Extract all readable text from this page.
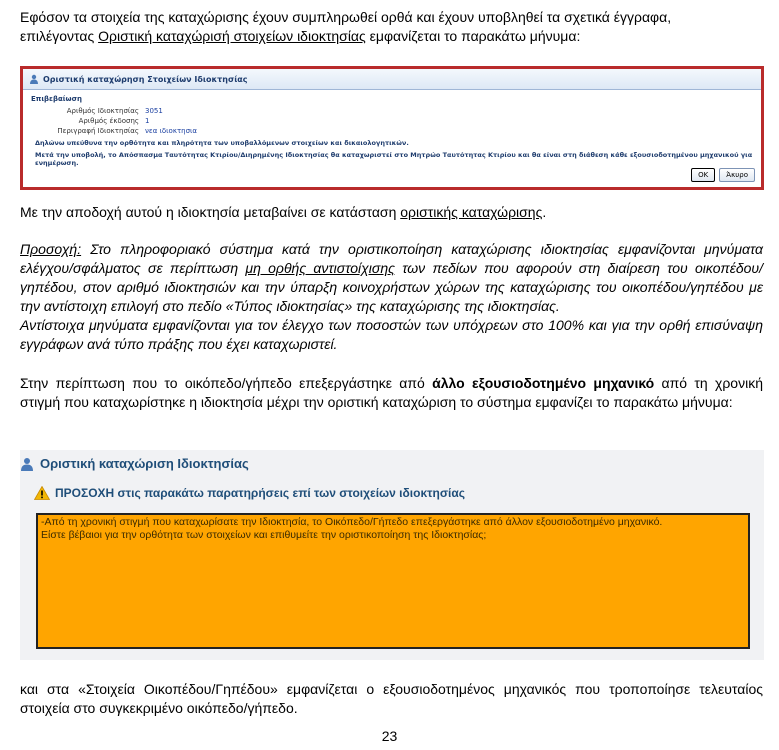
Εφόσον τα στοιχεία της καταχώρισης έχουν συμπληρωθεί ορθά και έχουν υποβληθεί τα σχετικά έγγραφα,

επιλέγοντας Οριστική καταχώρισή στοιχείων ιδιοκτησίας εμφανίζεται το παρακάτω μήνυμα:

Οριστική καταχώρηση Στοιχείων Ιδιοκτησίας
Επιβεβαίωση
Αριθμός Ιδιοκτησίας 3051
Αριθμός έκδοσης 1
Περιγραφή Ιδιοκτησίας νεα ιδιοκτησια
Δηλώνω υπεύθυνα την ορθότητα και πληρότητα των υποβαλλόμενων στοιχείων και δικαιολογητικών.
Μετά την υποβολή, το Απόσπασμα Ταυτότητας Κτιρίου/Διηρημένης Ιδιοκτησίας θα καταχωριστεί στο Μητρώο Ταυτότητας Κτιρίου και θα είναι στη διάθεση κάθε εξουσιοδοτημένου μηχανικού για ενημέρωση.
OK	Άκυρο

Με την αποδοχή αυτού η ιδιοκτησία μεταβαίνει σε κατάσταση οριστικής καταχώρισης.

Προσοχή: Στο πληροφοριακό σύστημα κατά την οριστικοποίηση καταχώρισης ιδιοκτησίας εμφανίζονται μηνύματα ελέγχου/σφάλματος σε περίπτωση μη ορθής αντιστοίχισης των πεδίων που αφορούν στη διαίρεση του οικοπέδου/γηπέδου, στον αριθμό ιδιοκτησιών και την ύπαρξη κοινοχρήστων χώρων της καταχώρισης του οικοπέδου/γηπέδου με την αντίστοιχη επιλογή στο πεδίο «Τύπος ιδιοκτησίας» της καταχώρισης της ιδιοκτησίας.

Αντίστοιχα μηνύματα εμφανίζονται για τον έλεγχο των ποσοστών των υπόχρεων στο 100% και για την ορθή επισύναψη εγγράφων ανά τύπο πράξης που έχει καταχωριστεί.

Στην περίπτωση που το οικόπεδο/γήπεδο επεξεργάστηκε από άλλο εξουσιοδοτημένο μηχανικό από τη χρονική στιγμή που καταχωρίστηκε η ιδιοκτησία μέχρι την οριστική καταχώριση το σύστημα εμφανίζει το παρακάτω μήνυμα:

Οριστική καταχώριση Ιδιοκτησίας
ΠΡΟΣΟΧΗ στις παρακάτω παρατηρήσεις επί των στοιχείων ιδιοκτησίας

-Από τη χρονική στιγμή που καταχωρίσατε την Ιδιοκτησία, το Οικόπεδο/Γήπεδο επεξεργάστηκε από άλλον εξουσιοδοτημένο μηχανικό.

Είστε βέβαιοι για την ορθότητα των στοιχείων και επιθυμείτε την οριστικοποίηση της Ιδιοκτησίας;

και στα «Στοιχεία Οικοπέδου/Γηπέδου» εμφανίζεται ο εξουσιοδοτημένος μηχανικός που τροποποίησε τελευταίος στοιχεία στο συγκεκριμένο οικόπεδο/γήπεδο.

23
